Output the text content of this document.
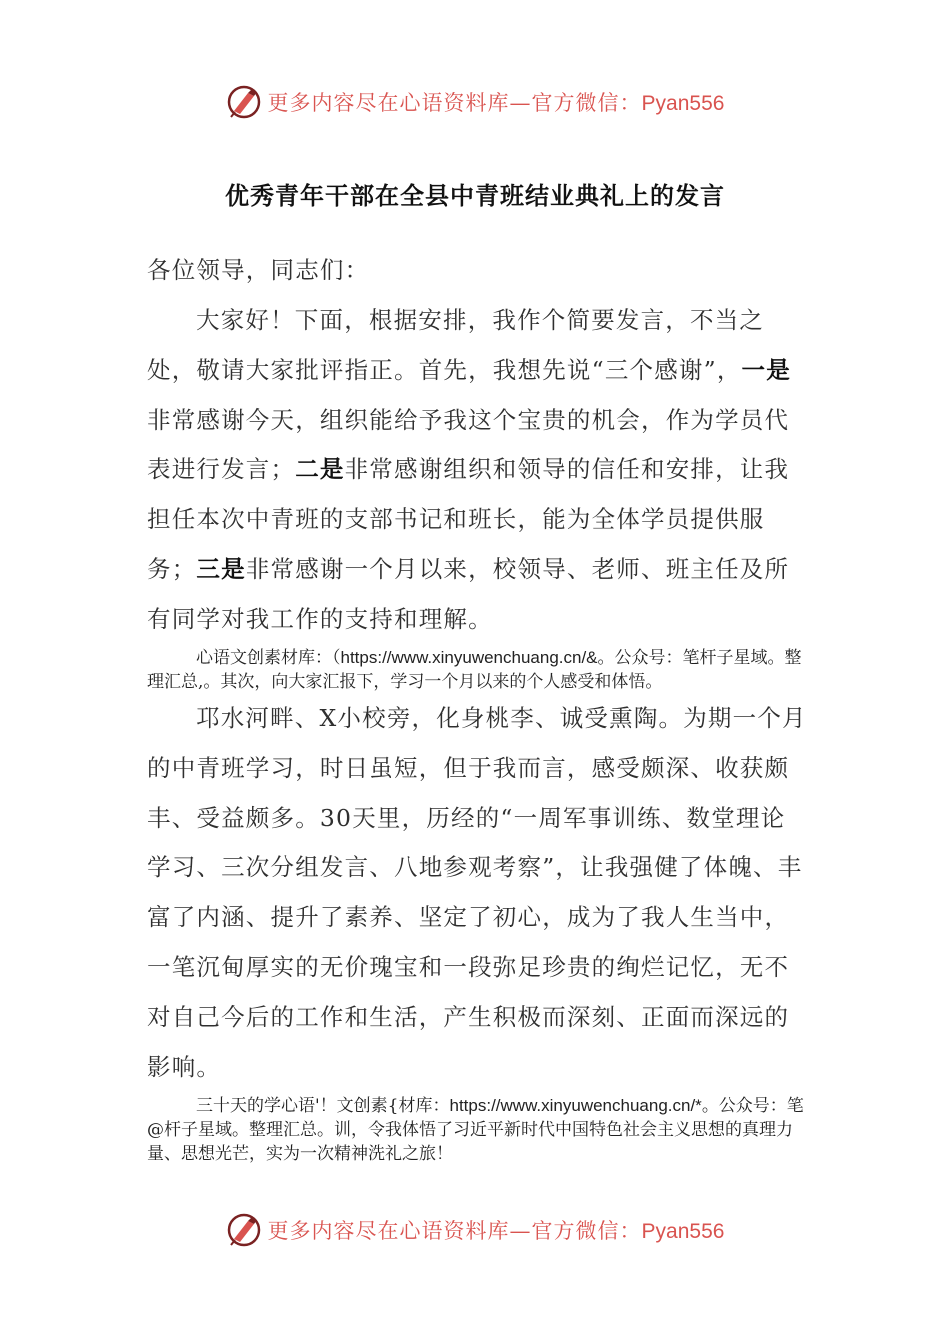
更多内容尽在心语资料库—官方微信：Pyan556
优秀青年干部在全县中青班结业典礼上的发言
各位领导，同志们：
大家好！下面，根据安排，我作个简要发言，不当之处，敬请大家批评指正。首先，我想先说“三个感谢”，一是非常感谢今天，组织能给予我这个宝贵的机会，作为学员代表进行发言；二是非常感谢组织和领导的信任和安排，让我担任本次中青班的支部书记和班长，能为全体学员提供服务；三是非常感谢一个月以来，校领导、老师、班主任及所有同学对我工作的支持和理解。
心语文创素材库：（https://www.xinyuwenchuang.cn/&。公众号：笔杆子星域。整理汇总,。其次，向大家汇报下，学习一个月以来的个人感受和体悟。
邛水河畔、X小校旁，化身桃李、诚受熏陶。为期一个月的中青班学习，时日虽短，但于我而言，感受颇深、收获颇丰、受益颇多。30天里，历经的“一周军事训练、数堂理论学习、三次分组发言、八地参观考察”，让我强健了体魄、丰富了内涵、提升了素养、坚定了初心，成为了我人生当中，一笔沉甸厚实的无价瑰宝和一段弥足珍贵的绚烂记忆，无不对自己今后的工作和生活，产生积极而深刻、正面而深远的影响。
三十天的学心语'！文创素{材库：https://www.xinyuwenchuang.cn/*。公众号：笔@杆子星域。整理汇总。训，令我体悟了习近平新时代中国特色社会主义思想的真理力量、思想光芒，实为一次精神洗礼之旅！
更多内容尽在心语资料库—官方微信：Pyan556
